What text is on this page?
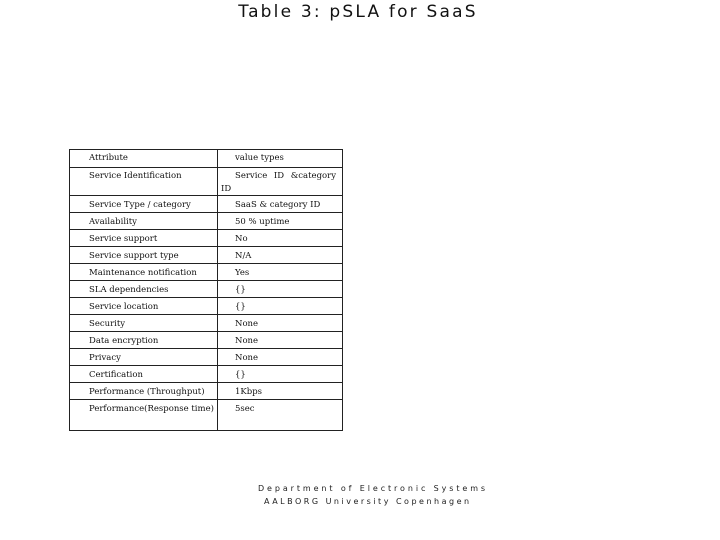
Table 3: pSLA for SaaS
Attribute	value types
Service Identification	Service ID &category
ID

Service Type / category	SaaS & category ID
Availability	50 % uptime
Service support	No
Service support type	N/A
Maintenance notification	Yes
SLA dependencies	{}
Service location	{}
Security	None
Data encryption	None
Privacy	None
Certification	{}
Performance (Throughput)	1Kbps
Performance(Response time)	5sec
Department of Electronic Systems
AALBORG University Copenhagen
